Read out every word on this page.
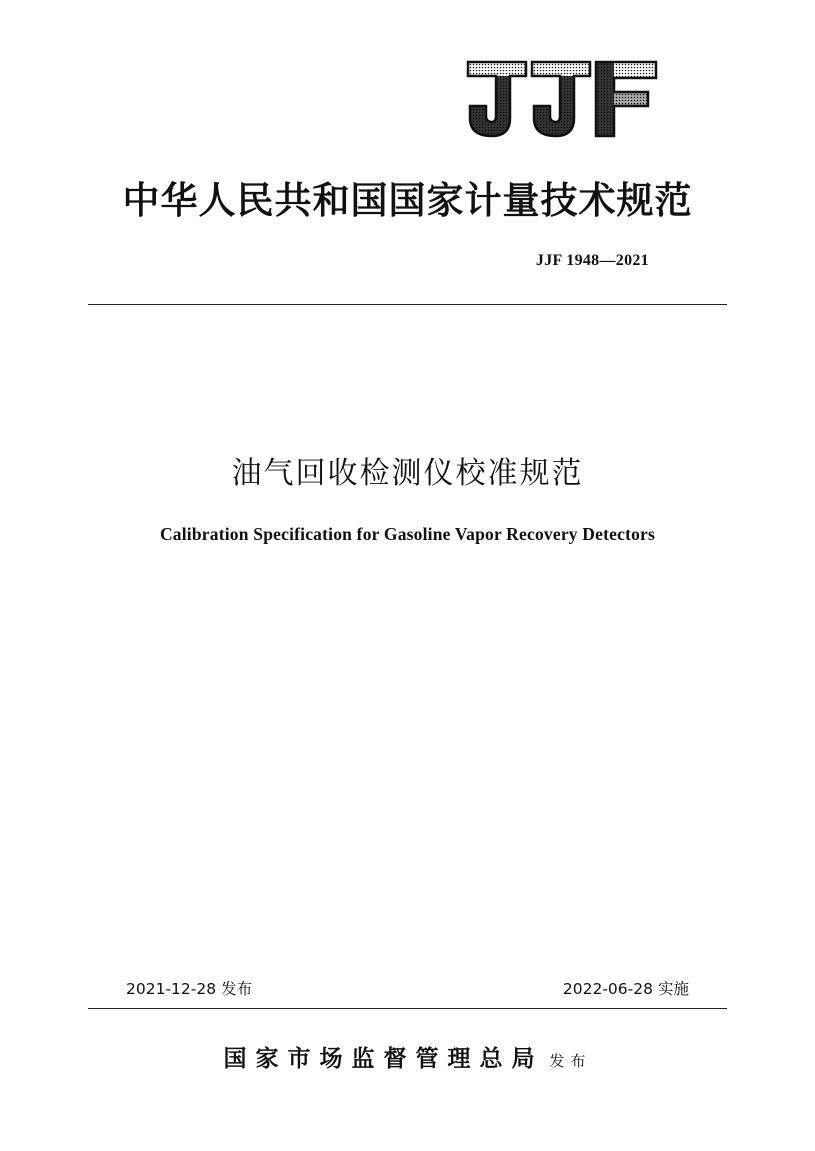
中华人民共和国国家计量技术规范
JJF 1948—2021
油气回收检测仪校准规范
Calibration Specification for Gasoline Vapor Recovery Detectors
2021-12-28 发布	2022-06-28 实施
国家市场监督管理总局 发布
